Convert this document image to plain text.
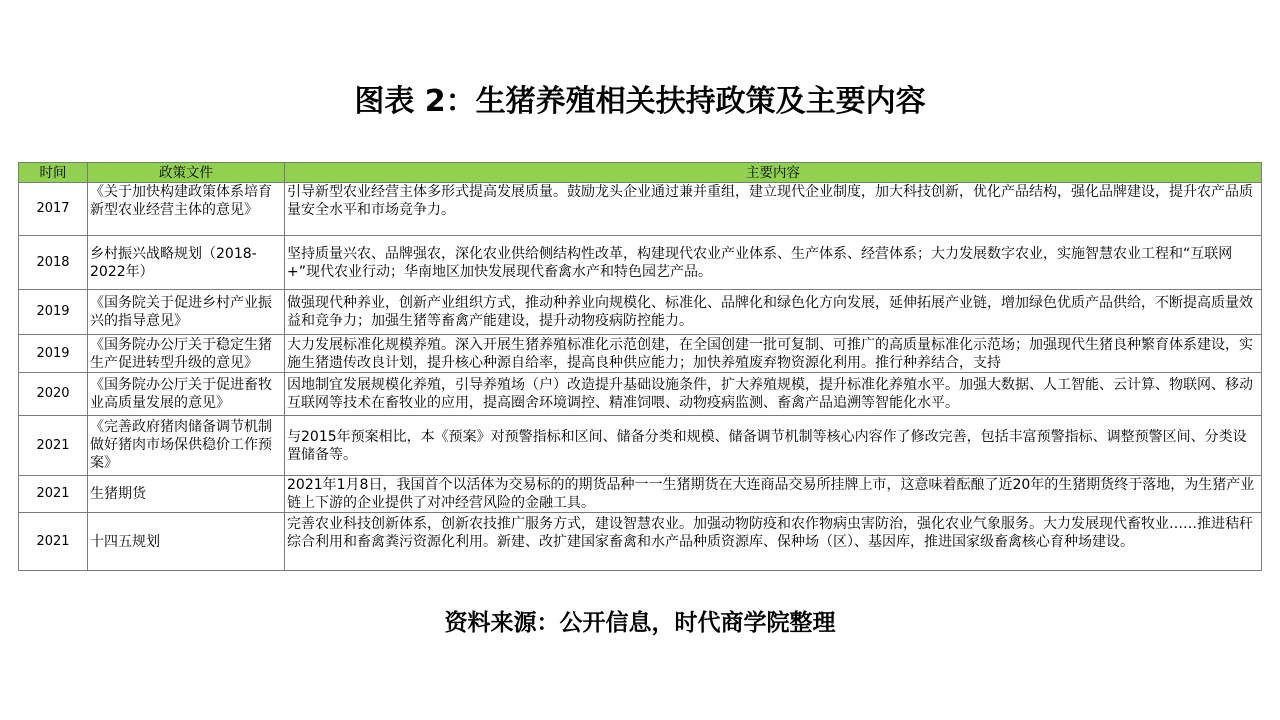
图表 2：生猪养殖相关扶持政策及主要内容
时间	政策文件	主要内容
2017	《关于加快构建政策体系培育新型农业经营主体的意见》	引导新型农业经营主体多形式提高发展质量。鼓励龙头企业通过兼并重组，建立现代企业制度，加大科技创新，优化产品结构，强化品牌建设，提升农产品质量安全水平和市场竞争力。

2018	乡村振兴战略规划（2018-2022年）	坚持质量兴农、品牌强农，深化农业供给侧结构性改革，构建现代农业产业体系、生产体系、经营体系；大力发展数字农业，实施智慧农业工程和“互联网+”现代农业行动；华南地区加快发展现代畜禽水产和特色园艺产品。

2019	《国务院关于促进乡村产业振兴的指导意见》	做强现代种养业，创新产业组织方式，推动种养业向规模化、标准化、品牌化和绿色化方向发展，延伸拓展产业链，增加绿色优质产品供给，不断提高质量效益和竞争力；加强生猪等畜禽产能建设，提升动物疫病防控能力。

2019	《国务院办公厅关于稳定生猪生产促进转型升级的意见》	大力发展标准化规模养殖。深入开展生猪养殖标准化示范创建，在全国创建一批可复制、可推广的高质量标准化示范场；加强现代生猪良种繁育体系建设，实施生猪遗传改良计划，提升核心种源自给率，提高良种供应能力；加快养殖废弃物资源化利用。推行种养结合，支持

2020	《国务院办公厅关于促进畜牧业高质量发展的意见》	因地制宜发展规模化养殖，引导养殖场（户）改造提升基础设施条件，扩大养殖规模，提升标准化养殖水平。加强大数据、人工智能、云计算、物联网、移动互联网等技术在畜牧业的应用，提高圈舍环境调控、精准饲喂、动物疫病监测、畜禽产品追溯等智能化水平。

2021	《完善政府猪肉储备调节机制 做好猪肉市场保供稳价工作预案》	与2015年预案相比，本《预案》对预警指标和区间、储备分类和规模、储备调节机制等核心内容作了修改完善，包括丰富预警指标、调整预警区间、分类设置储备等。

2021	生猪期货	2021年1月8日，我国首个以活体为交易标的的期货品种一一生猪期货在大连商品交易所挂牌上市，这意味着酝酿了近20年的生猪期货终于落地，为生猪产业链上下游的企业提供了对冲经营风险的金融工具。

2021	十四五规划	完善农业科技创新体系，创新农技推广服务方式，建设智慧农业。加强动物防疫和农作物病虫害防治，强化农业气象服务。大力发展现代畜牧业……推进秸秆综合利用和畜禽粪污资源化利用。新建、改扩建国家畜禽和水产品种质资源库、保种场（区）、基因库，推进国家级畜禽核心育种场建设。
资料来源：公开信息，时代商学院整理
